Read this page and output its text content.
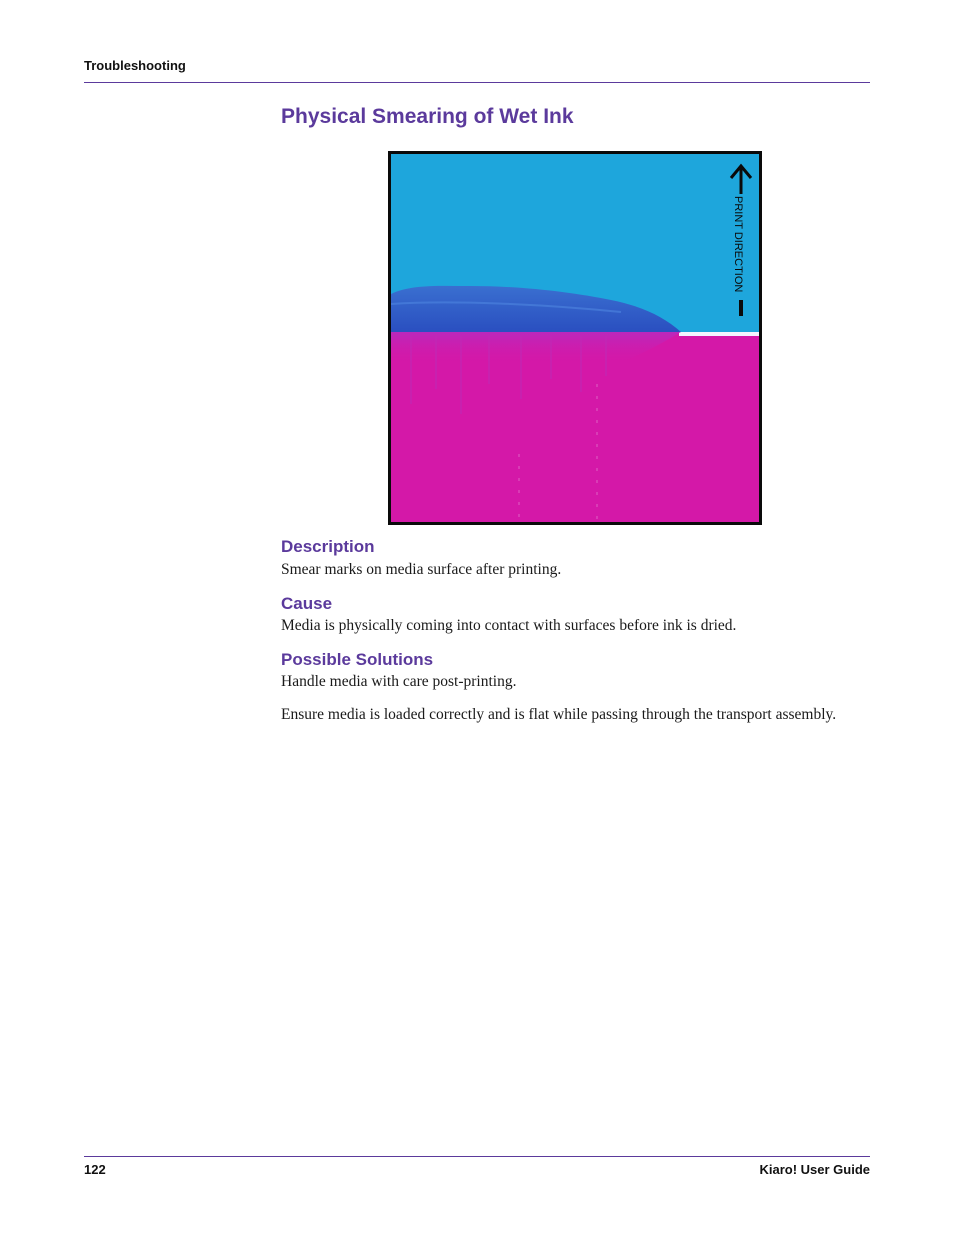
Troubleshooting
Physical Smearing of Wet Ink
PRINT DIRECTION
Description
Smear marks on media surface after printing.
Cause
Media is physically coming into contact with surfaces before ink is dried.
Possible Solutions
Handle media with care post-printing.
Ensure media is loaded correctly and is flat while passing through the transport assembly.
122	Kiaro! User Guide
